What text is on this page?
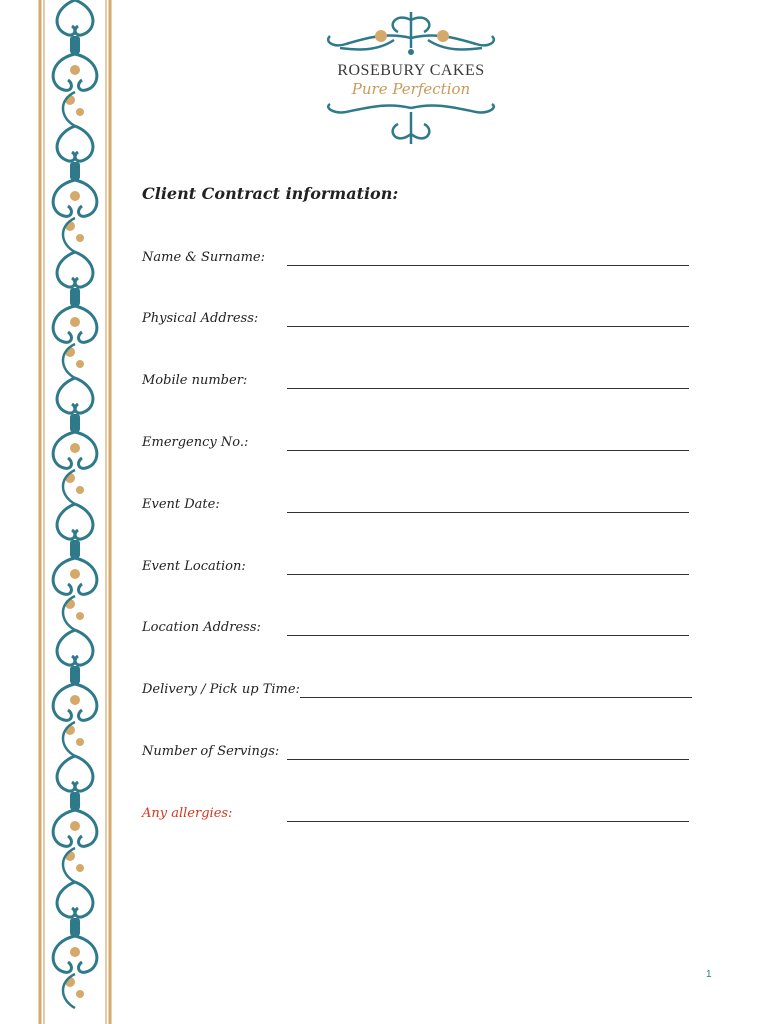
ROSEBURY CAKES
Pure Perfection
Client Contract information:
Name & Surname:
Physical Address:
Mobile number:
Emergency No.:
Event Date:
Event Location:
Location Address:
Delivery / Pick up Time:
Number of Servings:
Any allergies:
1
